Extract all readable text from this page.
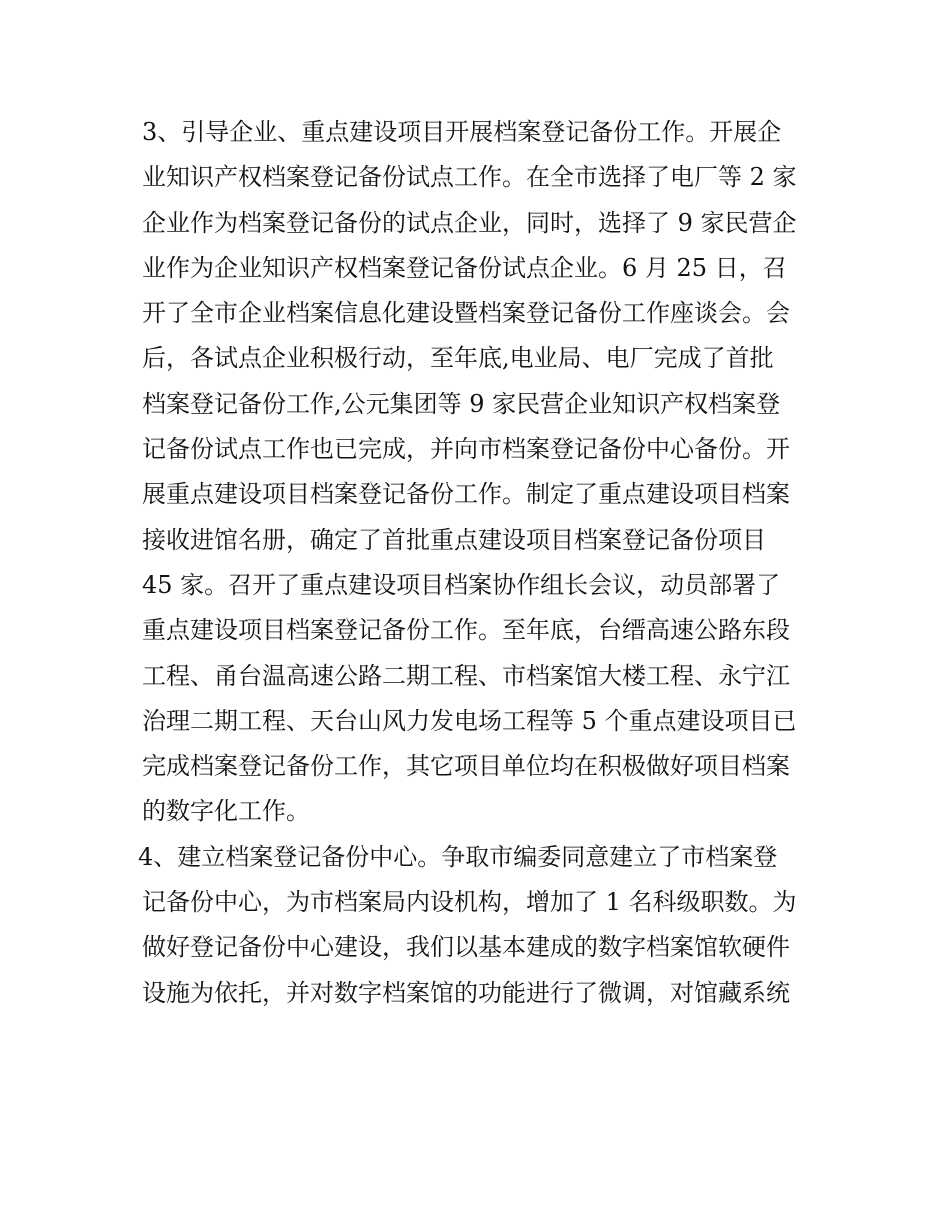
3、引导企业、重点建设项目开展档案登记备份工作。开展企
业知识产权档案登记备份试点工作。在全市选择了电厂等 2 家
企业作为档案登记备份的试点企业，同时，选择了 9 家民营企
业作为企业知识产权档案登记备份试点企业。6 月 25 日，召
开了全市企业档案信息化建设暨档案登记备份工作座谈会。会
后，各试点企业积极行动，至年底,电业局、电厂完成了首批
档案登记备份工作,公元集团等 9 家民营企业知识产权档案登
记备份试点工作也已完成，并向市档案登记备份中心备份。开
展重点建设项目档案登记备份工作。制定了重点建设项目档案
接收进馆名册，确定了首批重点建设项目档案登记备份项目
45 家。召开了重点建设项目档案协作组长会议，动员部署了
重点建设项目档案登记备份工作。至年底，台缙高速公路东段
工程、甬台温高速公路二期工程、市档案馆大楼工程、永宁江
治理二期工程、天台山风力发电场工程等 5 个重点建设项目已
完成档案登记备份工作，其它项目单位均在积极做好项目档案
的数字化工作。
4、建立档案登记备份中心。争取市编委同意建立了市档案登
记备份中心，为市档案局内设机构，增加了 1 名科级职数。为
做好登记备份中心建设，我们以基本建成的数字档案馆软硬件
设施为依托，并对数字档案馆的功能进行了微调，对馆藏系统
